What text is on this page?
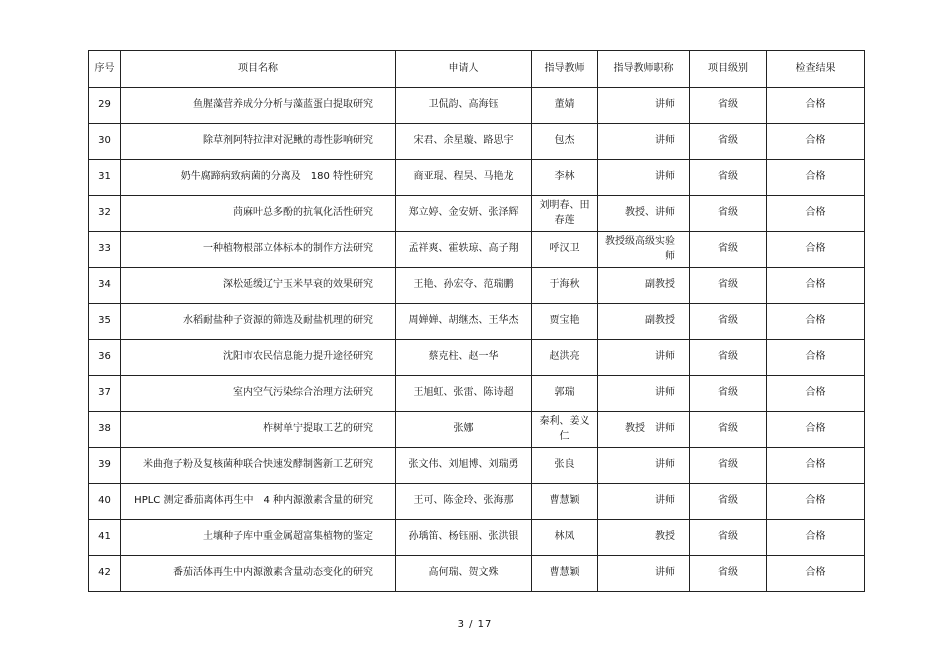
序号	项目名称	申请人	指导教师	指导教师职称	项目级别	检查结果
29	鱼腥藻营养成分分析与藻蓝蛋白提取研究	卫侃韵、高海钰	董婧	讲师	省级	合格
30	除草剂阿特拉津对泥鳅的毒性影响研究	宋君、余星璇、路思宇	包杰	讲师	省级	合格
31	奶牛腐蹄病致病菌的分离及　180 特性研究	商亚琨、程昊、马艳龙	李林	讲师	省级	合格
32	苘麻叶总多酚的抗氧化活性研究	郑立婷、金安妍、张泽辉	刘明春、田春莲	教授、讲师	省级	合格
33	一种植物根部立体标本的制作方法研究	孟祥爽、霍轶琼、高子翔	呼汉卫	教授级高级实验师	省级	合格
34	深松延缓辽宁玉米早衰的效果研究	王艳、孙宏夺、范瑞鹏	于海秋	副教授	省级	合格
35	水稻耐盐种子资源的筛选及耐盐机理的研究	周婵婵、胡继杰、王华杰	贾宝艳	副教授	省级	合格
36	沈阳市农民信息能力提升途径研究	蔡克柱、赵一华	赵洪亮	讲师	省级	合格
37	室内空气污染综合治理方法研究	王旭虹、张雷、陈诗超	郭瑞	讲师	省级	合格
38	柞树单宁提取工艺的研究	张娜	秦利、姜义仁	教授　讲师	省级	合格
39	米曲孢子粉及复核菌种联合快速发酵制酱新工艺研究	张文伟、刘旭博、刘瑞勇	张良	讲师	省级	合格
40	HPLC 测定番茄离体再生中　4 种内源激素含量的研究	王可、陈金玲、张海那	曹慧颖	讲师	省级	合格
41	土壤种子库中重金属超富集植物的鉴定	孙瑀笛、杨钰丽、张洪银	林凤	教授	省级	合格
42	番茄活体再生中内源激素含量动态变化的研究	高何瑞、贺文殊	曹慧颖	讲师	省级	合格
3 / 17
